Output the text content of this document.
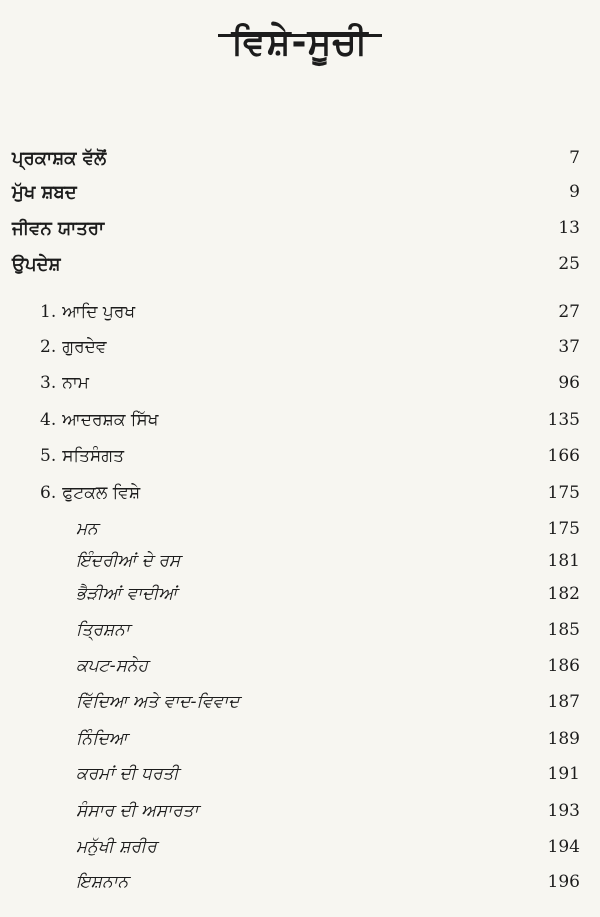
ਵਿਸ਼ੇ-ਸੂਚੀ
ਪ੍ਰਕਾਸ਼ਕ ਵੱਲੋਂ	7
ਮੁੱਖ ਸ਼ਬਦ	9
ਜੀਵਨ ਯਾਤਰਾ	13
ਉਪਦੇਸ਼	25
1. ਆਦਿ ਪੁਰਖ	27
2. ਗੁਰਦੇਵ	37
3. ਨਾਮ	96
4. ਆਦਰਸ਼ਕ ਸਿੱਖ	135
5. ਸਤਿਸੰਗਤ	166
6. ਫੁਟਕਲ ਵਿਸ਼ੇ	175
ਮਨ	175
ਇੰਦਰੀਆਂ ਦੇ ਰਸ	181
ਭੈੜੀਆਂ ਵਾਦੀਆਂ	182
ਤ੍ਰਿਸ਼ਨਾ	185
ਕਪਟ-ਸਨੇਹ	186
ਵਿੱਦਿਆ ਅਤੇ ਵਾਦ-ਵਿਵਾਦ	187
ਨਿੰਦਿਆ	189
ਕਰਮਾਂ ਦੀ ਧਰਤੀ	191
ਸੰਸਾਰ ਦੀ ਅਸਾਰਤਾ	193
ਮਨੁੱਖੀ ਸ਼ਰੀਰ	194
ਇਸ਼ਨਾਨ	196
